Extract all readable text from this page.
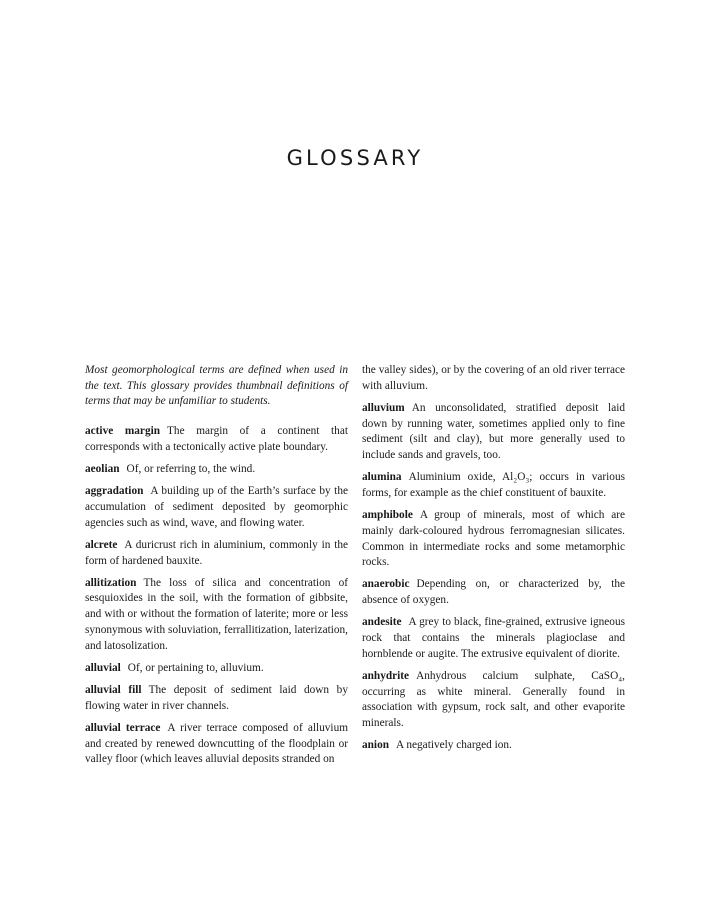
GLOSSARY

Most geomorphological terms are defined when used in the text. This glossary provides thumbnail definitions of terms that may be unfamiliar to students.

active margin The margin of a continent that corresponds with a tectonically active plate boundary.

aeolian Of, or referring to, the wind.

aggradation A building up of the Earth’s surface by the accumulation of sediment deposited by geomorphic agencies such as wind, wave, and flowing water.

alcrete A duricrust rich in aluminium, commonly in the form of hardened bauxite.

allitization The loss of silica and concentration of sesquioxides in the soil, with the formation of gibbsite, and with or without the formation of laterite; more or less synonymous with soluviation, ferrallitization, laterization, and latosolization.

alluvial Of, or pertaining to, alluvium.

alluvial fill The deposit of sediment laid down by flowing water in river channels.

alluvial terrace A river terrace composed of alluvium and created by renewed downcutting of the floodplain or valley floor (which leaves alluvial deposits stranded on

the valley sides), or by the covering of an old river terrace with alluvium.

alluvium An unconsolidated, stratified deposit laid down by running water, sometimes applied only to fine sediment (silt and clay), but more generally used to include sands and gravels, too.

alumina Aluminium oxide, Al₂O₃; occurs in various forms, for example as the chief constituent of bauxite.

amphibole A group of minerals, most of which are mainly dark-coloured hydrous ferromagnesian silicates. Common in intermediate rocks and some metamorphic rocks.

anaerobic Depending on, or characterized by, the absence of oxygen.

andesite A grey to black, fine-grained, extrusive igneous rock that contains the minerals plagioclase and hornblende or augite. The extrusive equivalent of diorite.

anhydrite Anhydrous calcium sulphate, CaSO₄, occurring as white mineral. Generally found in association with gypsum, rock salt, and other evaporite minerals.

anion A negatively charged ion.
